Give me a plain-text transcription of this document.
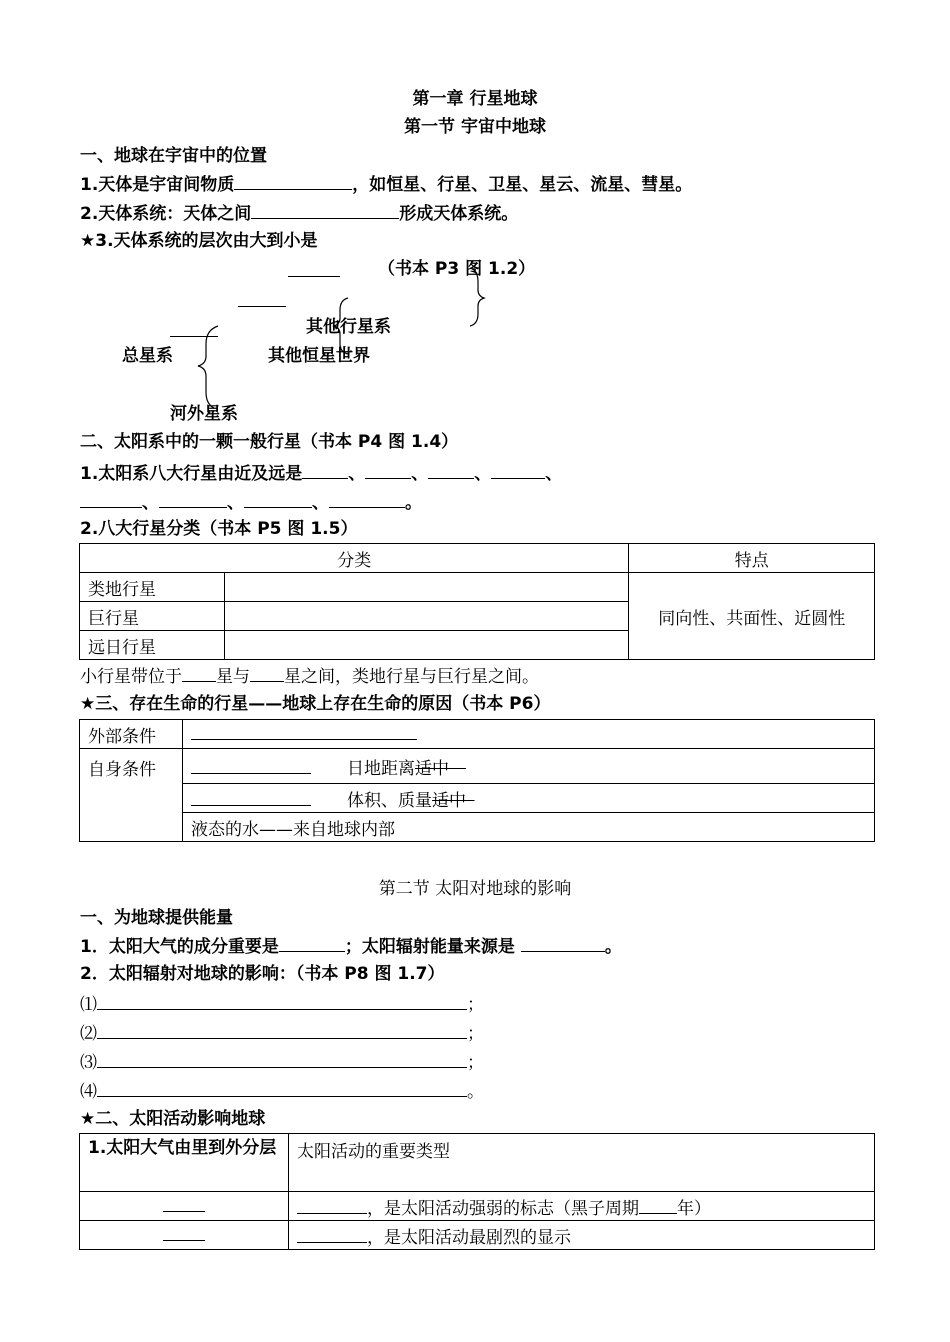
第一章 行星地球
第一节 宇宙中地球
一、地球在宇宙中的位置
1.天体是宇宙间物质	，如恒星、行星、卫星、星云、流星、彗星。
2.天体系统：天体之间	形成天体系统。
★3.天体系统的层次由大到小是
（书本 P3 图 1.2）
其他行星系
总星系	其他恒星世界
河外星系
二、太阳系中的一颗一般行星（书本 P4 图 1.4）
1.太阳系八大行星由近及远是	、	、	、	、
、	、	、	。
2.八大行星分类（书本 P5 图 1.5）
分类		特点
类地行星		同向性、共面性、近圆性
巨行星		
远日行星		
小行星带位于 星与 星之间，类地行星与巨行星之间。
★三、存在生命的行星——地球上存在生命的原因（书本 P6）
外部条件	
自身条件	日地距离适中 
	体积、质量适中 
	液态的水——来自地球内部
第二节 太阳对地球的影响
一、为地球提供能量
1．太阳大气的成分重要是	；太阳辐射能量来源是	。
2．太阳辐射对地球的影响：（书本 P8 图 1.7）
⑴	；
⑵	；
⑶	；
⑷	。
★二、太阳活动影响地球
1.太阳大气由里到外分层	太阳活动的重要类型
	，是太阳活动强弱的标志（黑子周期 年）
	，是太阳活动最剧烈的显示
